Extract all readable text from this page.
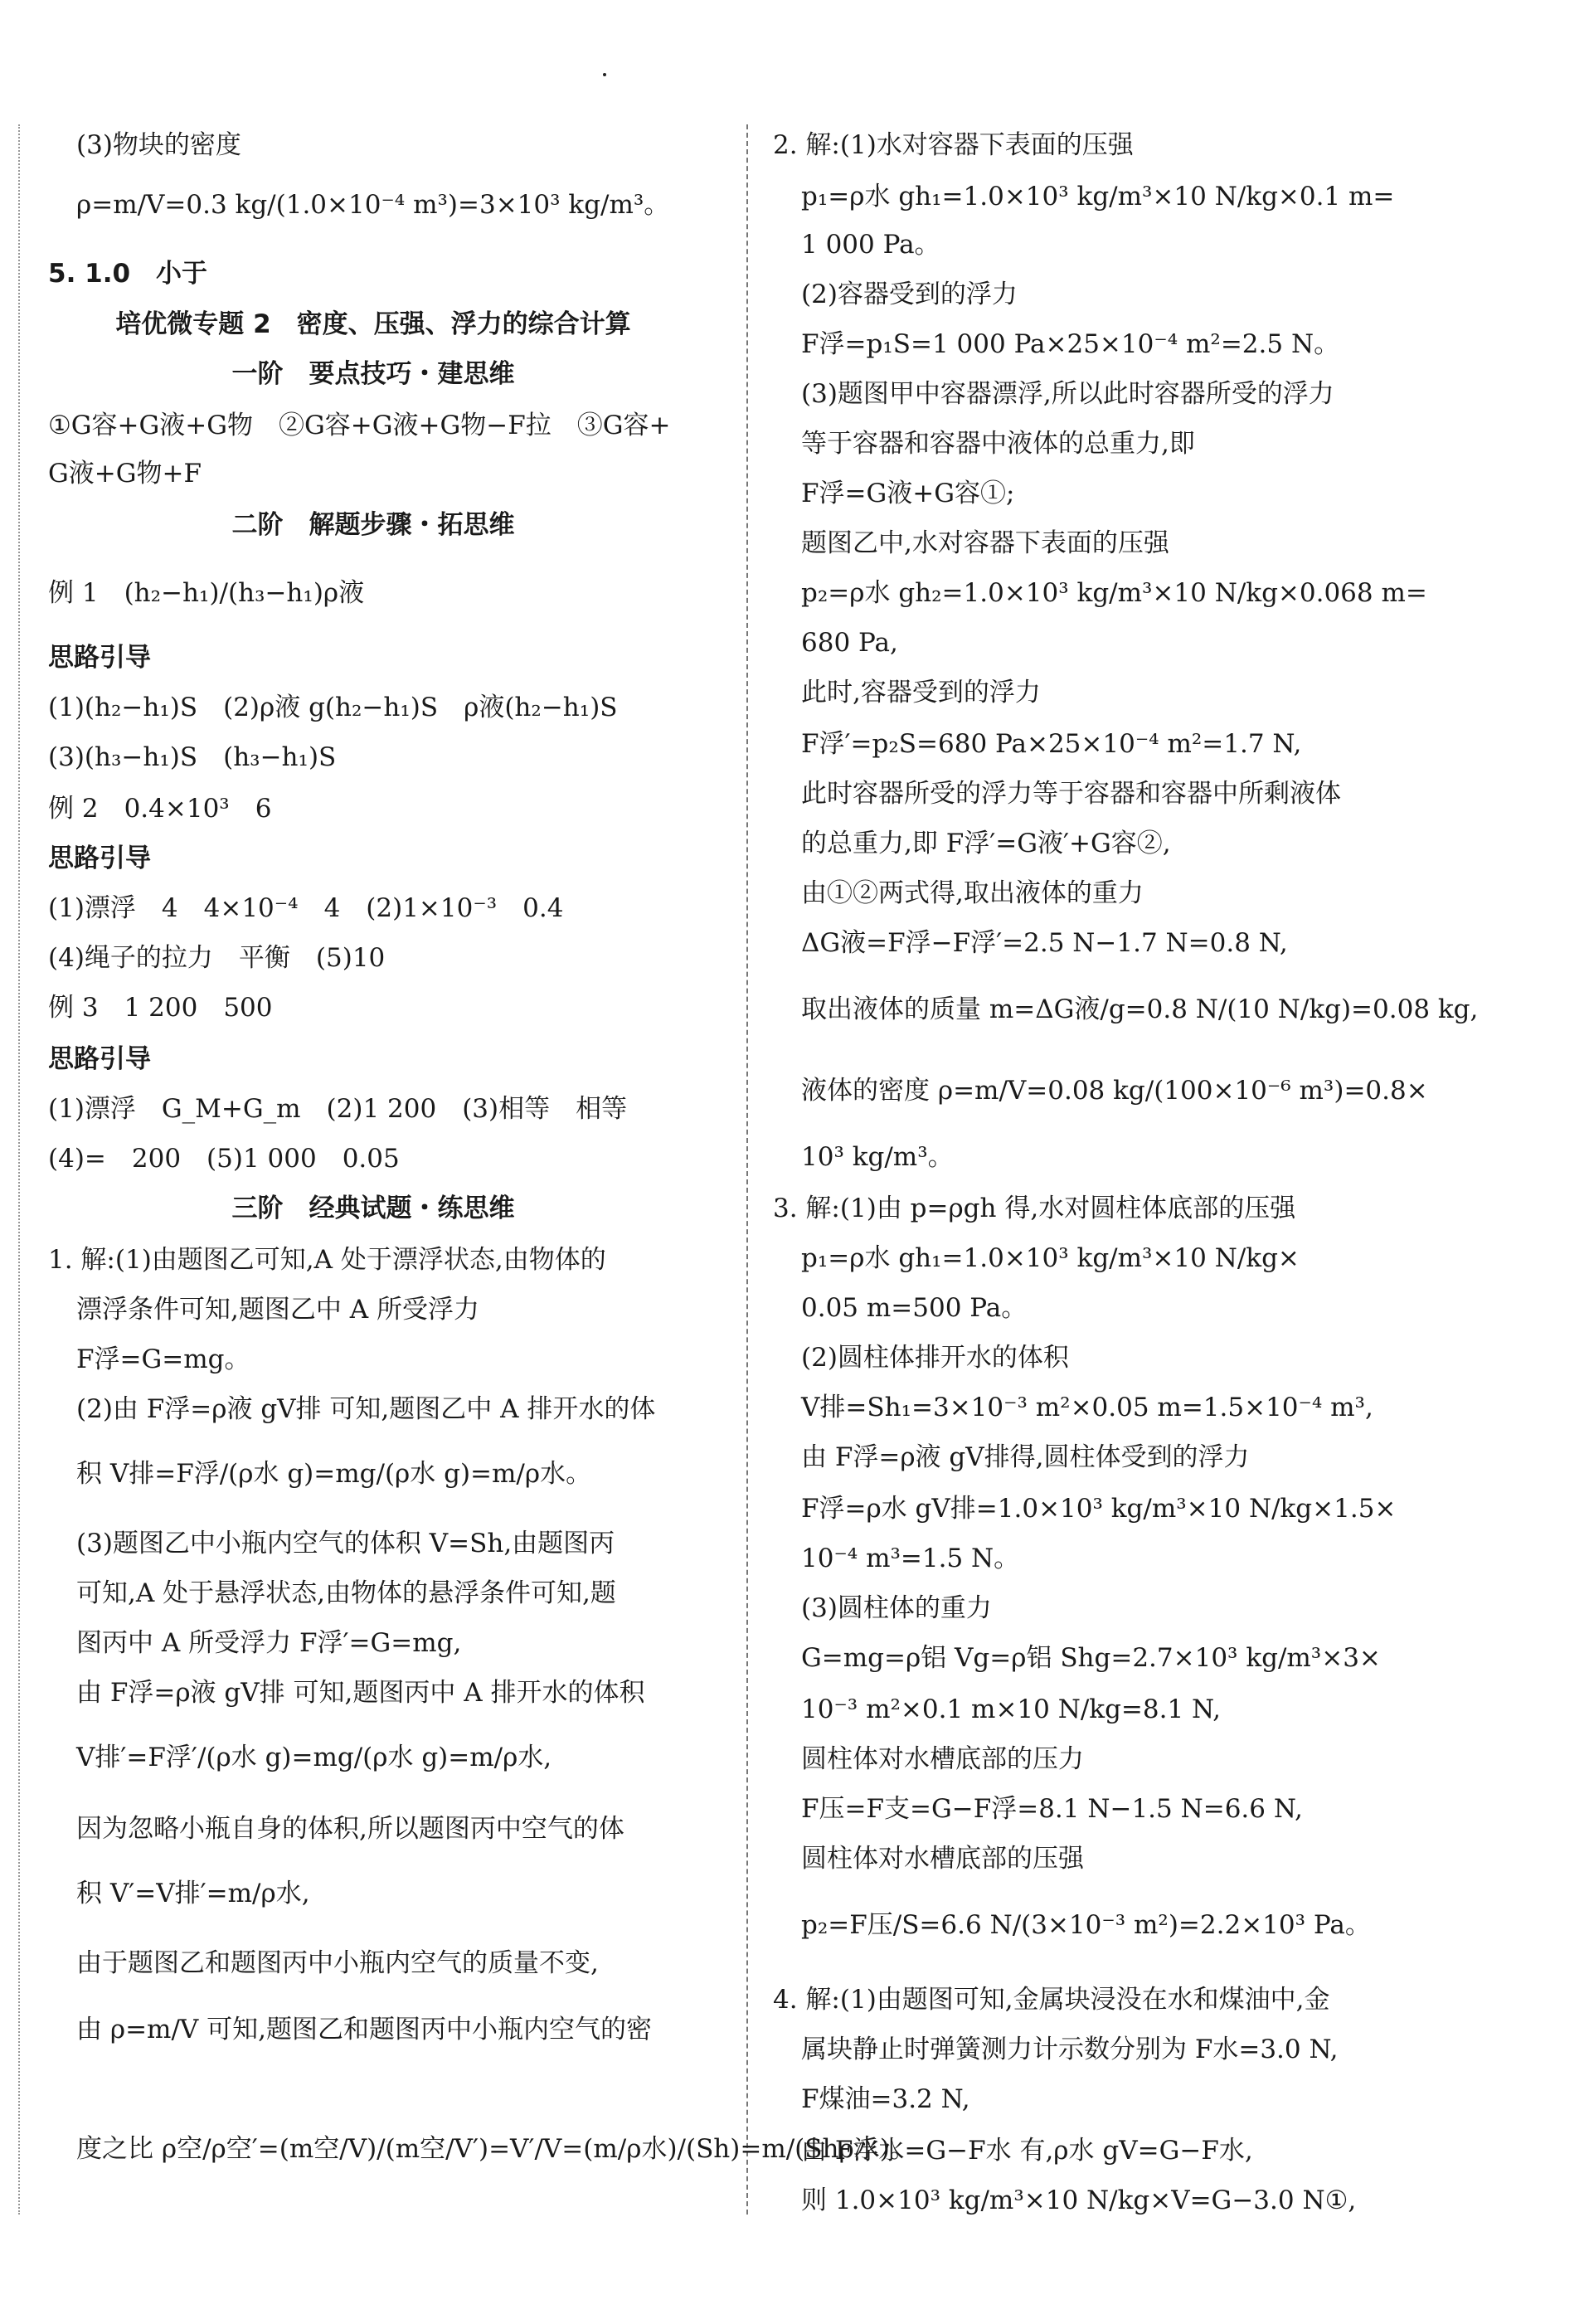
(3)物块的密度
ρ=m/V=0.3 kg/(1.0×10⁻⁴ m³)=3×10³ kg/m³。
5. 1.0　小于
培优微专题 2　密度、压强、浮力的综合计算
一阶　要点技巧・建思维
①G容+G液+G物　②G容+G液+G物−F拉　③G容+
G液+G物+F
二阶　解题步骤・拓思维
例 1　(h₂−h₁)/(h₃−h₁)ρ液
思路引导
(1)(h₂−h₁)S　(2)ρ液 g(h₂−h₁)S　ρ液(h₂−h₁)S
(3)(h₃−h₁)S　(h₃−h₁)S
例 2　0.4×10³　6
思路引导
(1)漂浮　4　4×10⁻⁴　4　(2)1×10⁻³　0.4
(4)绳子的拉力　平衡　(5)10
例 3　1 200　500
思路引导
(1)漂浮　G_M+G_m　(2)1 200　(3)相等　相等
(4)=　200　(5)1 000　0.05
三阶　经典试题・练思维
1. 解:(1)由题图乙可知,A 处于漂浮状态,由物体的
漂浮条件可知,题图乙中 A 所受浮力
F浮=G=mg。
(2)由 F浮=ρ液 gV排 可知,题图乙中 A 排开水的体
积 V排=F浮/(ρ水 g)=mg/(ρ水 g)=m/ρ水。
(3)题图乙中小瓶内空气的体积 V=Sh,由题图丙
可知,A 处于悬浮状态,由物体的悬浮条件可知,题
图丙中 A 所受浮力 F浮′=G=mg,
由 F浮=ρ液 gV排 可知,题图丙中 A 排开水的体积
V排′=F浮′/(ρ水 g)=mg/(ρ水 g)=m/ρ水,
因为忽略小瓶自身的体积,所以题图丙中空气的体
积 V′=V排′=m/ρ水,
由于题图乙和题图丙中小瓶内空气的质量不变,
由 ρ=m/V 可知,题图乙和题图丙中小瓶内空气的密
度之比 ρ空/ρ空′=(m空/V)/(m空/V′)=V′/V=(m/ρ水)/(Sh)=m/(Shρ水)。
2. 解:(1)水对容器下表面的压强
p₁=ρ水 gh₁=1.0×10³ kg/m³×10 N/kg×0.1 m=
1 000 Pa。
(2)容器受到的浮力
F浮=p₁S=1 000 Pa×25×10⁻⁴ m²=2.5 N。
(3)题图甲中容器漂浮,所以此时容器所受的浮力
等于容器和容器中液体的总重力,即
F浮=G液+G容①;
题图乙中,水对容器下表面的压强
p₂=ρ水 gh₂=1.0×10³ kg/m³×10 N/kg×0.068 m=
680 Pa,
此时,容器受到的浮力
F浮′=p₂S=680 Pa×25×10⁻⁴ m²=1.7 N,
此时容器所受的浮力等于容器和容器中所剩液体
的总重力,即 F浮′=G液′+G容②,
由①②两式得,取出液体的重力
ΔG液=F浮−F浮′=2.5 N−1.7 N=0.8 N,
取出液体的质量 m=ΔG液/g=0.8 N/(10 N/kg)=0.08 kg,
液体的密度 ρ=m/V=0.08 kg/(100×10⁻⁶ m³)=0.8×
10³ kg/m³。
3. 解:(1)由 p=ρgh 得,水对圆柱体底部的压强
p₁=ρ水 gh₁=1.0×10³ kg/m³×10 N/kg×
0.05 m=500 Pa。
(2)圆柱体排开水的体积
V排=Sh₁=3×10⁻³ m²×0.05 m=1.5×10⁻⁴ m³,
由 F浮=ρ液 gV排得,圆柱体受到的浮力
F浮=ρ水 gV排=1.0×10³ kg/m³×10 N/kg×1.5×
10⁻⁴ m³=1.5 N。
(3)圆柱体的重力
G=mg=ρ铝 Vg=ρ铝 Shg=2.7×10³ kg/m³×3×
10⁻³ m²×0.1 m×10 N/kg=8.1 N,
圆柱体对水槽底部的压力
F压=F支=G−F浮=8.1 N−1.5 N=6.6 N,
圆柱体对水槽底部的压强
p₂=F压/S=6.6 N/(3×10⁻³ m²)=2.2×10³ Pa。
4. 解:(1)由题图可知,金属块浸没在水和煤油中,金
属块静止时弹簧测力计示数分别为 F水=3.0 N,
F煤油=3.2 N,
由 F浮水=G−F水 有,ρ水 gV=G−F水,
则 1.0×10³ kg/m³×10 N/kg×V=G−3.0 N①,
